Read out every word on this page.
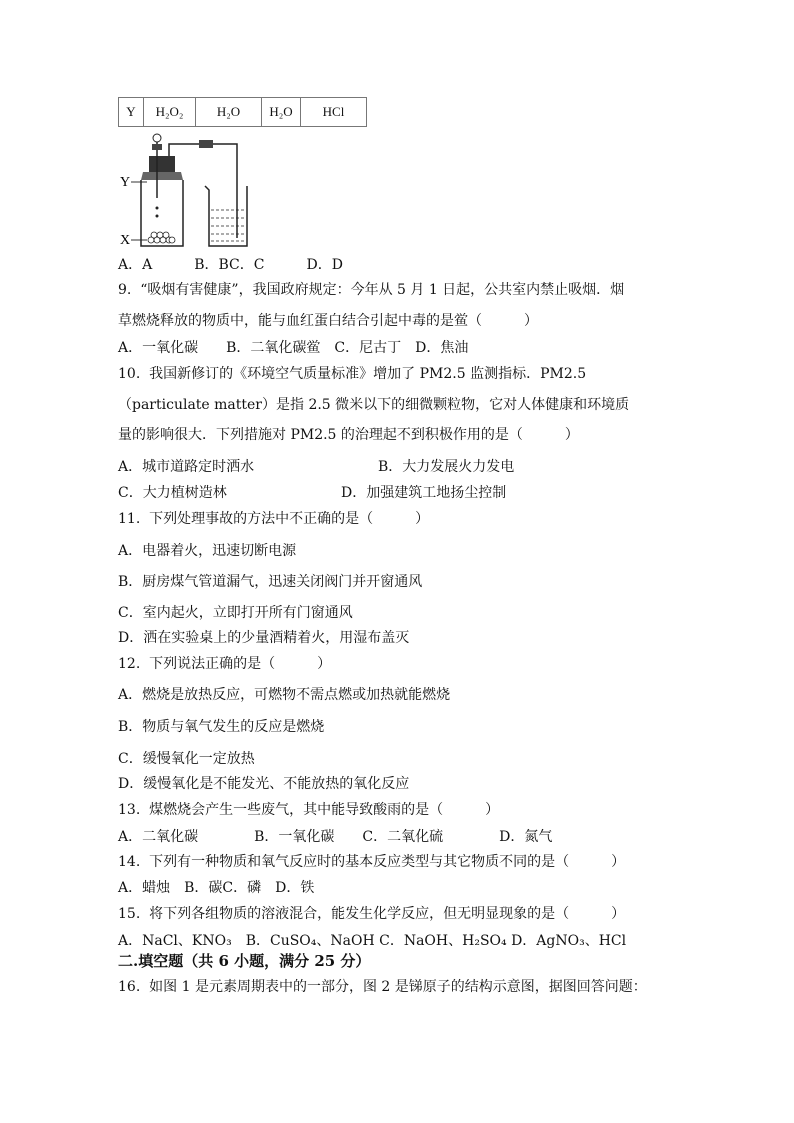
Y	H₂O₂	H₂O	H₂O	HCl
Y
X
A．A　　　B．BC．C　　　D．D
9.  “吸烟有害健康”，我国政府规定：今年从 5 月 1 日起，公共室内禁止吸烟．烟
草燃烧释放的物质中，能与血红蛋白结合引起中毒的是鲎（　　　）
A．一氧化碳　　B．二氧化碳鲎　C．尼古丁　D．焦油
10.  我国新修订的《环境空气质量标准》增加了 PM2.5 监测指标．PM2.5
（particulate matter）是指 2.5 微米以下的细微颗粒物，它对人体健康和环境质
量的影响很大．下列措施对 PM2.5 的治理起不到积极作用的是（　　　）
A．城市道路定时洒水	B．大力发展火力发电
C．大力植树造林	D．加强建筑工地扬尘控制
11.  下列处理事故的方法中不正确的是（　　　）
A．电器着火，迅速切断电源
B．厨房煤气管道漏气，迅速关闭阀门并开窗通风
C．室内起火，立即打开所有门窗通风
D．洒在实验桌上的少量酒精着火，用湿布盖灭
12.  下列说法正确的是（　　　）
A．燃烧是放热反应，可燃物不需点燃或加热就能燃烧
B．物质与氧气发生的反应是燃烧
C．缓慢氧化一定放热
D．缓慢氧化是不能发光、不能放热的氧化反应
13.  煤燃烧会产生一些废气，其中能导致酸雨的是（　　　）
A．二氧化碳　　　　B．一氧化碳　　C．二氧化硫　　　　D．氮气
14.  下列有一种物质和氧气反应时的基本反应类型与其它物质不同的是（　　　）
A．蜡烛　B．碳C．磷　D．铁
15.  将下列各组物质的溶液混合，能发生化学反应，但无明显现象的是（　　　）
A．NaCl、KNO₃　B．CuSO₄、NaOH C．NaOH、H₂SO₄ D．AgNO₃、HCl
二.填空题（共 6 小题，满分 25 分）
16.  如图 1 是元素周期表中的一部分，图 2 是锑原子的结构示意图，据图回答问题：
